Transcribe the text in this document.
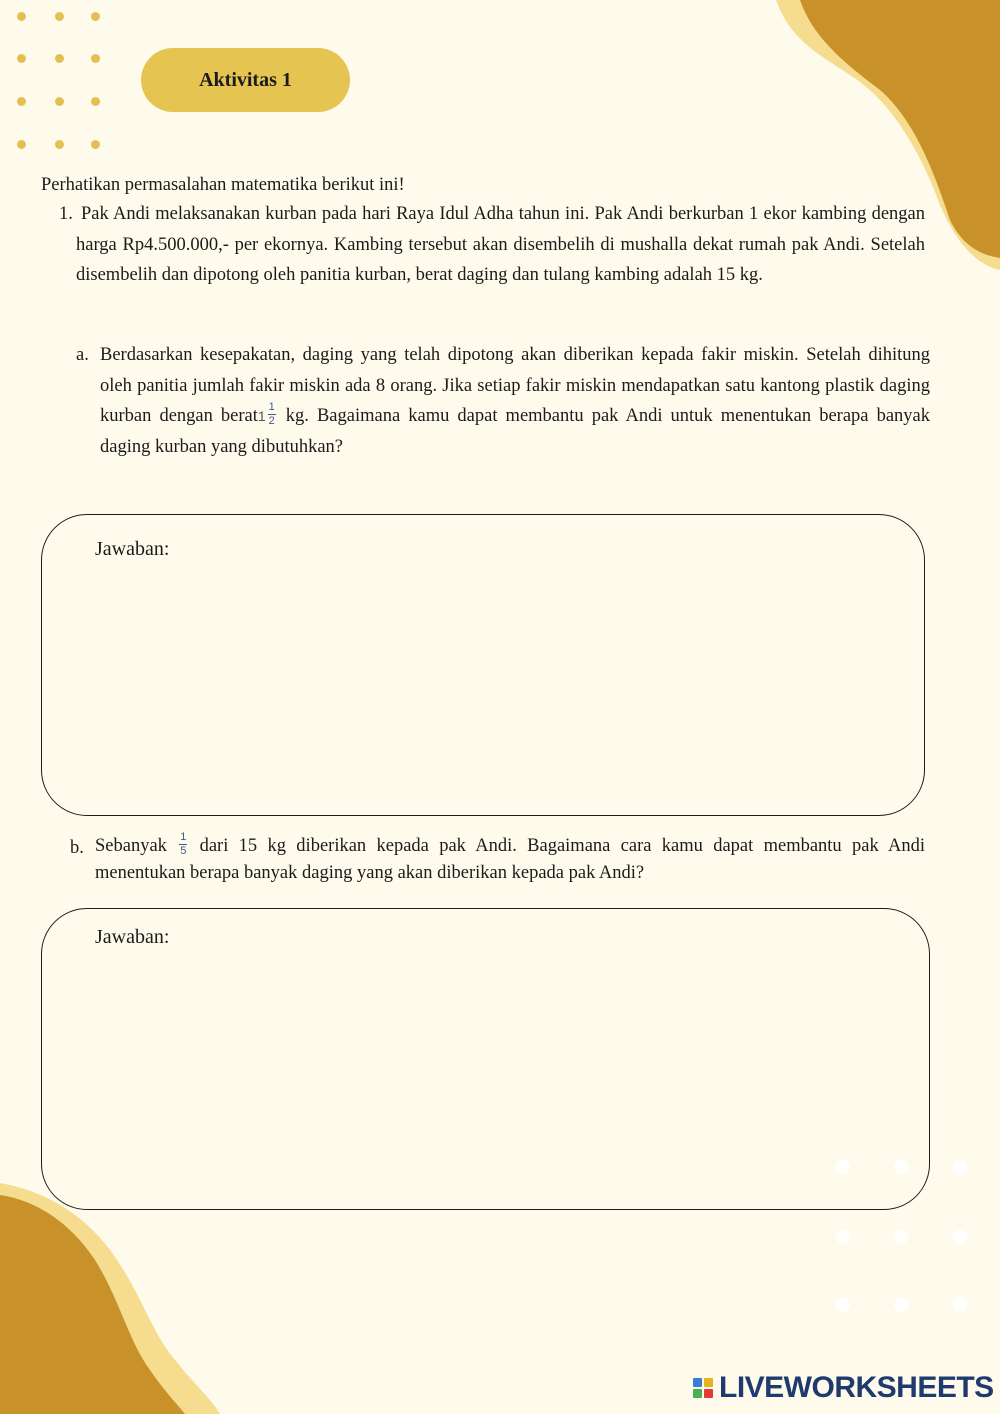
Aktivitas 1
Perhatikan permasalahan matematika berikut ini!
1. Pak Andi melaksanakan kurban pada hari Raya Idul Adha tahun ini. Pak Andi berkurban 1 ekor kambing dengan harga Rp4.500.000,- per ekornya. Kambing tersebut akan disembelih di mushalla dekat rumah pak Andi. Setelah disembelih dan dipotong oleh panitia kurban, berat daging dan tulang kambing adalah 15 kg.
a. Berdasarkan kesepakatan, daging yang telah dipotong akan diberikan kepada fakir miskin. Setelah dihitung oleh panitia jumlah fakir miskin ada 8 orang. Jika setiap fakir miskin mendapatkan satu kantong plastik daging kurban dengan berat1 $\frac{1}{2}$ kg. Bagaimana kamu dapat membantu pak Andi untuk menentukan berapa banyak daging kurban yang dibutuhkan?
Jawaban:
b. Sebanyak $\frac{1}{5}$ dari 15 kg diberikan kepada pak Andi. Bagaimana cara kamu dapat membantu pak Andi menentukan berapa banyak daging yang akan diberikan kepada pak Andi?
Jawaban:
LIVEWORKSHEETS
